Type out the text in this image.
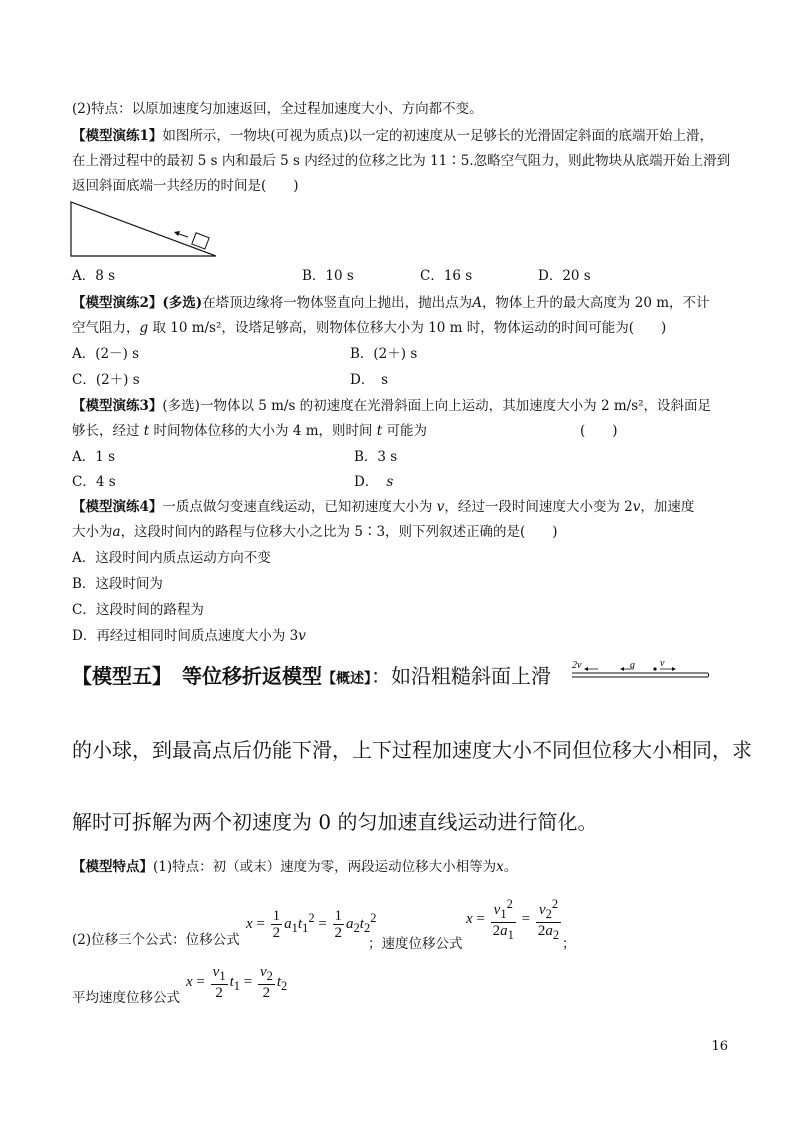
(2)特点：以原加速度匀加速返回，全过程加速度大小、方向都不变。
【模型演练1】如图所示，一物块(可视为质点)以一定的初速度从一足够长的光滑固定斜面的底端开始上滑，
在上滑过程中的最初 5 s 内和最后 5 s 内经过的位移之比为 11∶5.忽略空气阻力，则此物块从底端开始上滑到
返回斜面底端一共经历的时间是(　　)
A．8 s	B．10 s	C．16 s	D．20 s
【模型演练2】(多选)在塔顶边缘将一物体竖直向上抛出，抛出点为A，物体上升的最大高度为 20 m，不计
空气阻力，g 取 10 m/s²，设塔足够高，则物体位移大小为 10 m 时，物体运动的时间可能为(　　)
A．(2－) s	B．(2＋) s
C．(2＋) s	D．　s
【模型演练3】(多选)一物体以 5 m/s 的初速度在光滑斜面上向上运动，其加速度大小为 2 m/s²，设斜面足
够长，经过 t 时间物体位移的大小为 4 m，则时间 t 可能为	(　　)
A．1 s	B．3 s
C．4 s	D． s
【模型演练4】一质点做匀变速直线运动，已知初速度大小为 v，经过一段时间速度大小变为 2v，加速度
大小为a，这段时间内的路程与位移大小之比为 5∶3，则下列叙述正确的是(　　)
A．这段时间内质点运动方向不变
B．这段时间为
C．这段时间的路程为
D．再经过相同时间质点速度大小为 3v
【模型五】　等位移折返模型【概述】：如沿粗糙斜面上滑 2v	a	v
的小球，到最高点后仍能下滑，上下过程加速度大小不同但位移大小相同，求
解时可拆解为两个初速度为 0 的匀加速直线运动进行简化。
【模型特点】(1)特点：初（或末）速度为零，两段运动位移大小相等为x。
(2)位移三个公式：位移公式
$x = \frac{1}{2} a_1t_1^2 = \frac{1}{2} a_2t_2^2$
；速度位移公式
$x = \frac{v_1^2}{2a_1} = \frac{v_2^2}{2a_2}$
；
平均速度位移公式
$x = \frac{v_1}{2} t_1 = \frac{v_2}{2} t_2$
16
